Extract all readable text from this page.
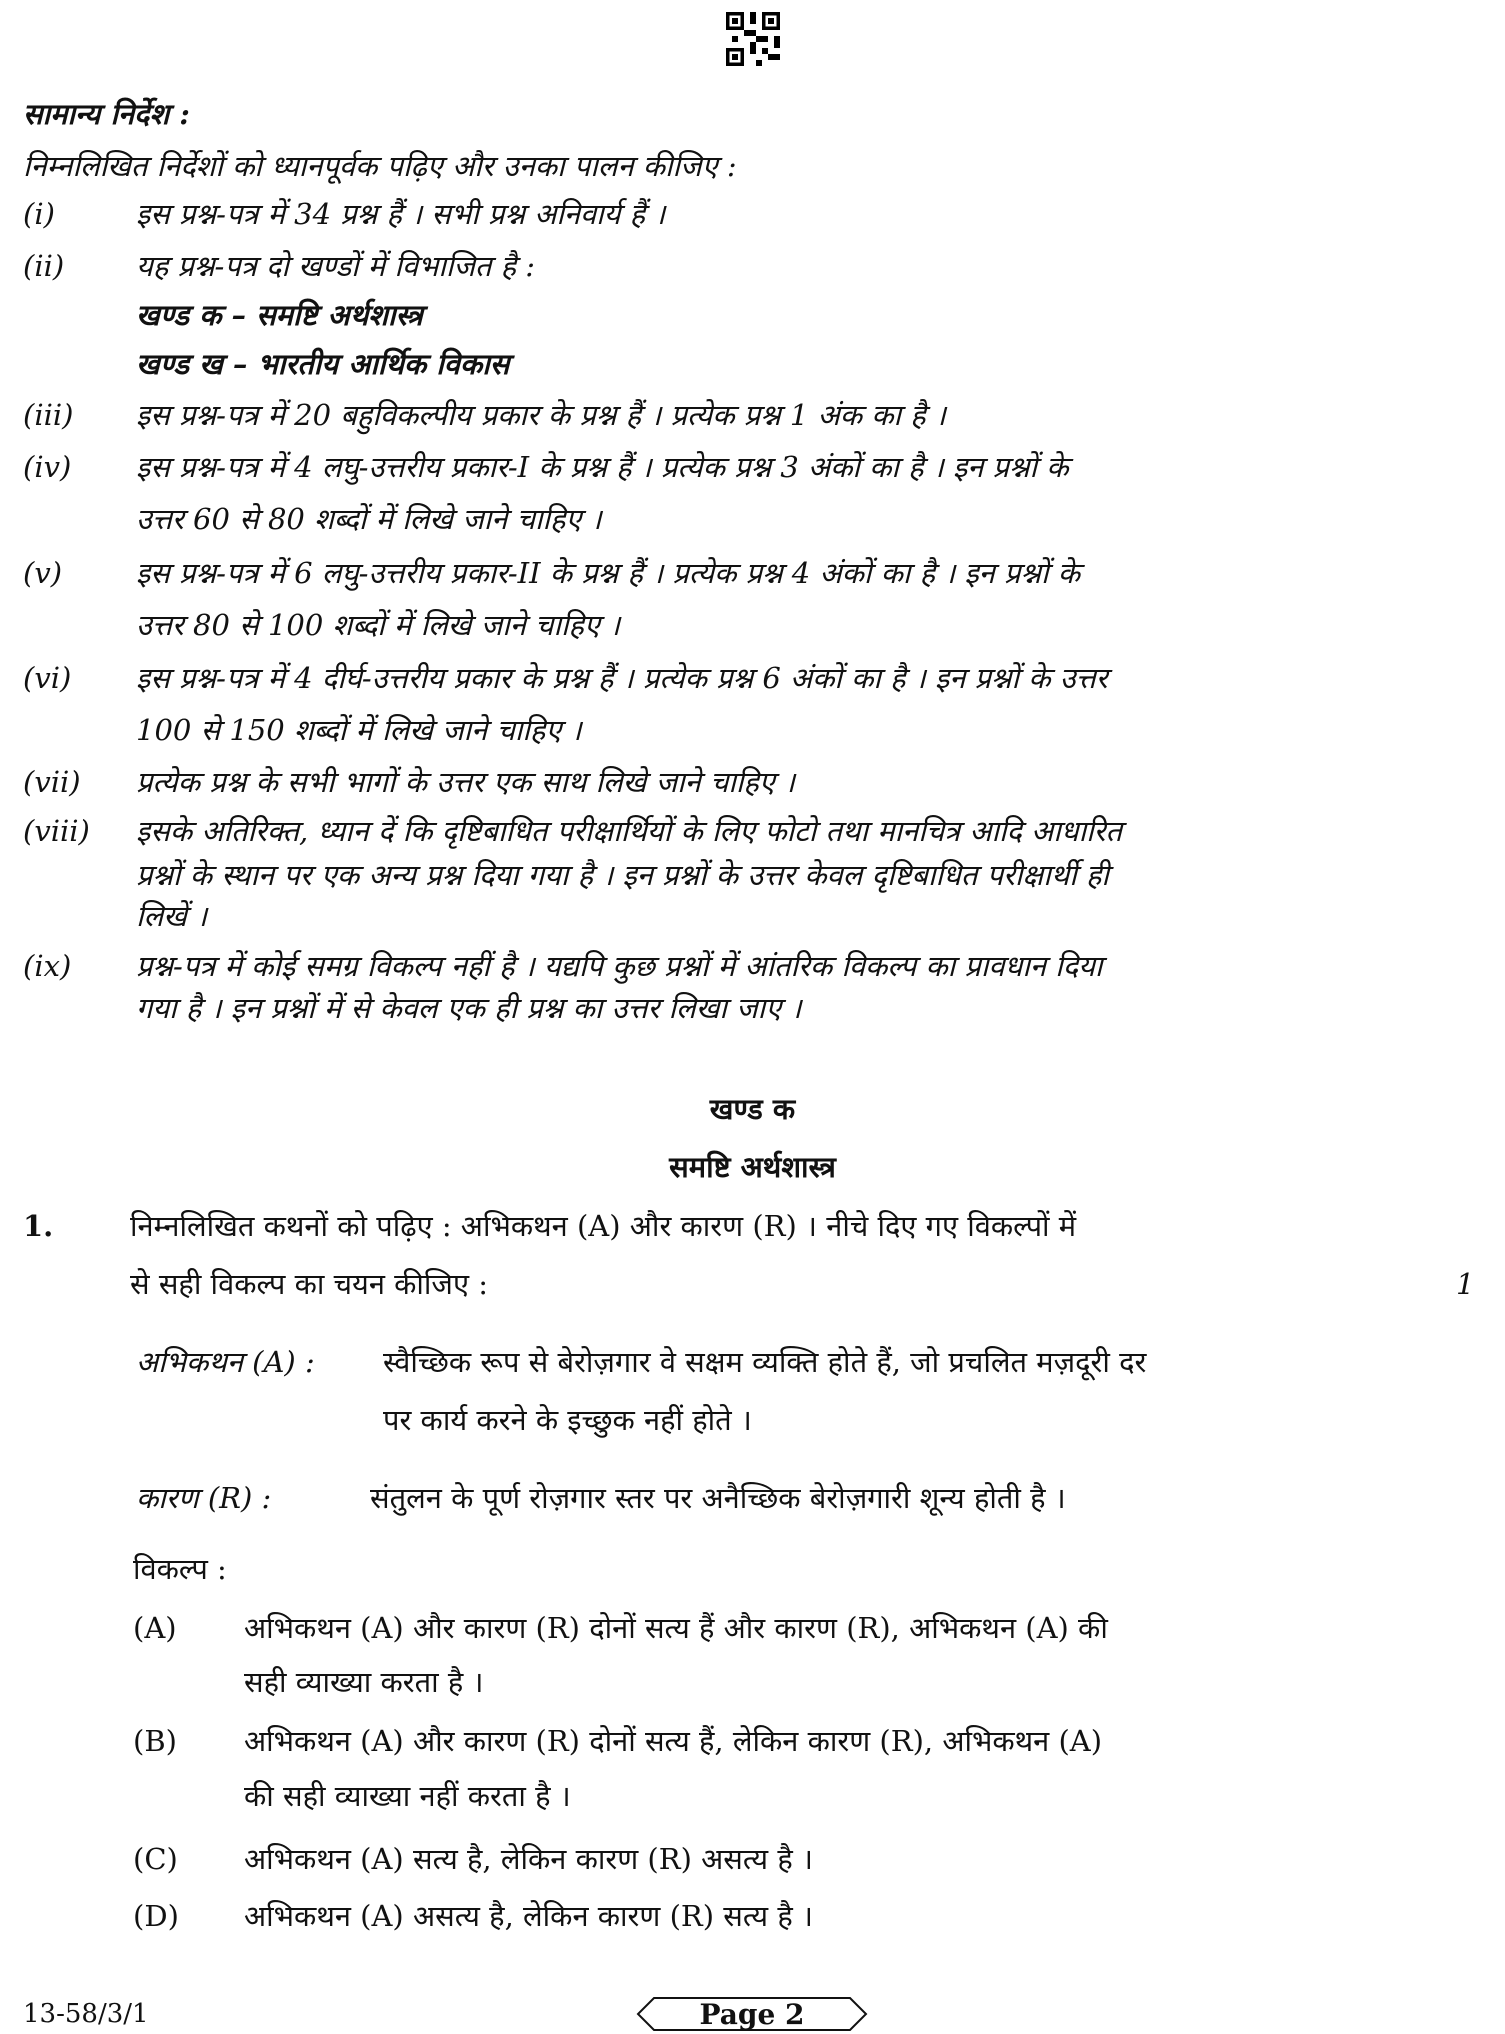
सामान्य निर्देश :
निम्नलिखित निर्देशों को ध्यानपूर्वक पढ़िए और उनका पालन कीजिए :
(i)	इस प्रश्न-पत्र में 34 प्रश्न हैं । सभी प्रश्न अनिवार्य हैं ।
(ii) यह प्रश्न-पत्र दो खण्डों में विभाजित है :
खण्ड क – समष्टि अर्थशास्त्र
खण्ड ख – भारतीय आर्थिक विकास
(iii) इस प्रश्न-पत्र में 20 बहुविकल्पीय प्रकार के प्रश्न हैं । प्रत्येक प्रश्न 1 अंक का है ।
(iv) इस प्रश्न-पत्र में 4 लघु-उत्तरीय प्रकार-I के प्रश्न हैं । प्रत्येक प्रश्न 3 अंकों का है । इन प्रश्नों के
उत्तर 60 से 80 शब्दों में लिखे जाने चाहिए ।
(v)	इस प्रश्न-पत्र में 6 लघु-उत्तरीय प्रकार-II के प्रश्न हैं । प्रत्येक प्रश्न 4 अंकों का है । इन प्रश्नों के
उत्तर 80 से 100 शब्दों में लिखे जाने चाहिए ।
(vi) इस प्रश्न-पत्र में 4 दीर्घ-उत्तरीय प्रकार के प्रश्न हैं । प्रत्येक प्रश्न 6 अंकों का है । इन प्रश्नों के उत्तर
100 से 150 शब्दों में लिखे जाने चाहिए ।
(vii) प्रत्येक प्रश्न के सभी भागों के उत्तर एक साथ लिखे जाने चाहिए ।
(viii) इसके अतिरिक्त, ध्यान दें कि दृष्टिबाधित परीक्षार्थियों के लिए फोटो तथा मानचित्र आदि आधारित
प्रश्नों के स्थान पर एक अन्य प्रश्न दिया गया है । इन प्रश्नों के उत्तर केवल दृष्टिबाधित परीक्षार्थी ही
लिखें ।
(ix) प्रश्न-पत्र में कोई समग्र विकल्प नहीं है । यद्यपि कुछ प्रश्नों में आंतरिक विकल्प का प्रावधान दिया
गया है । इन प्रश्नों में से केवल एक ही प्रश्न का उत्तर लिखा जाए ।
खण्ड क
समष्टि अर्थशास्त्र
1.	निम्नलिखित कथनों को पढ़िए : अभिकथन (A) और कारण (R) । नीचे दिए गए विकल्पों में
से सही विकल्प का चयन कीजिए :	1
अभिकथन (A) : स्वैच्छिक रूप से बेरोज़गार वे सक्षम व्यक्ति होते हैं, जो प्रचलित मज़दूरी दर
पर कार्य करने के इच्छुक नहीं होते ।
कारण (R) :	संतुलन के पूर्ण रोज़गार स्तर पर अनैच्छिक बेरोज़गारी शून्य होती है ।
विकल्प :
(A) अभिकथन (A) और कारण (R) दोनों सत्य हैं और कारण (R), अभिकथन (A) की
सही व्याख्या करता है ।
(B) अभिकथन (A) और कारण (R) दोनों सत्य हैं, लेकिन कारण (R), अभिकथन (A)
की सही व्याख्या नहीं करता है ।
(C) अभिकथन (A) सत्य है, लेकिन कारण (R) असत्य है ।
(D) अभिकथन (A) असत्य है, लेकिन कारण (R) सत्य है ।
13-58/3/1	Page 2
